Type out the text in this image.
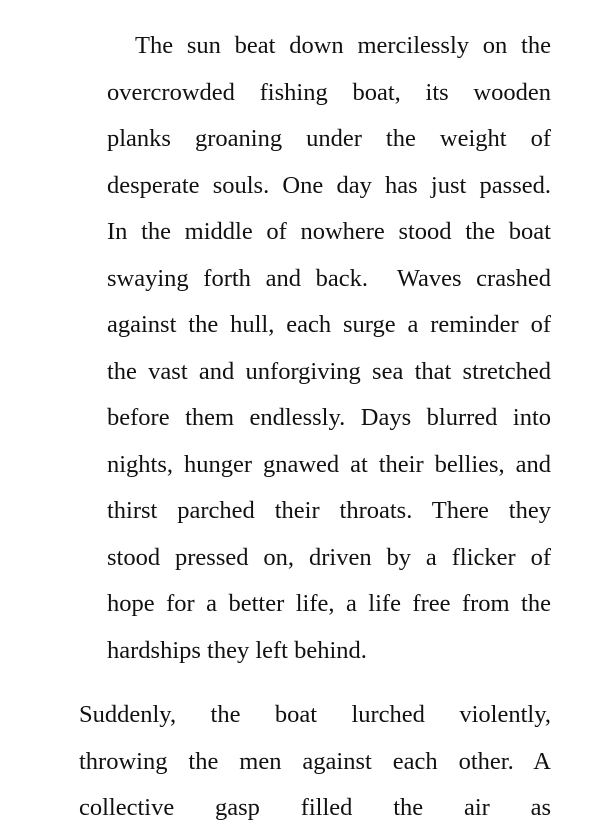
The sun beat down mercilessly on the
overcrowded fishing boat, its wooden
planks groaning under the weight of
desperate souls. One day has just passed.
In the middle of nowhere stood the boat
swaying forth and back.  Waves crashed
against the hull, each surge a reminder of
the vast and unforgiving sea that stretched
before them endlessly. Days blurred into
nights, hunger gnawed at their bellies, and
thirst parched their throats. There they
stood pressed on, driven by a flicker of
hope for a better life, a life free from the
hardships they left behind.
Suddenly, the boat lurched violently,
throwing the men against each other. A
collective gasp filled the air as
